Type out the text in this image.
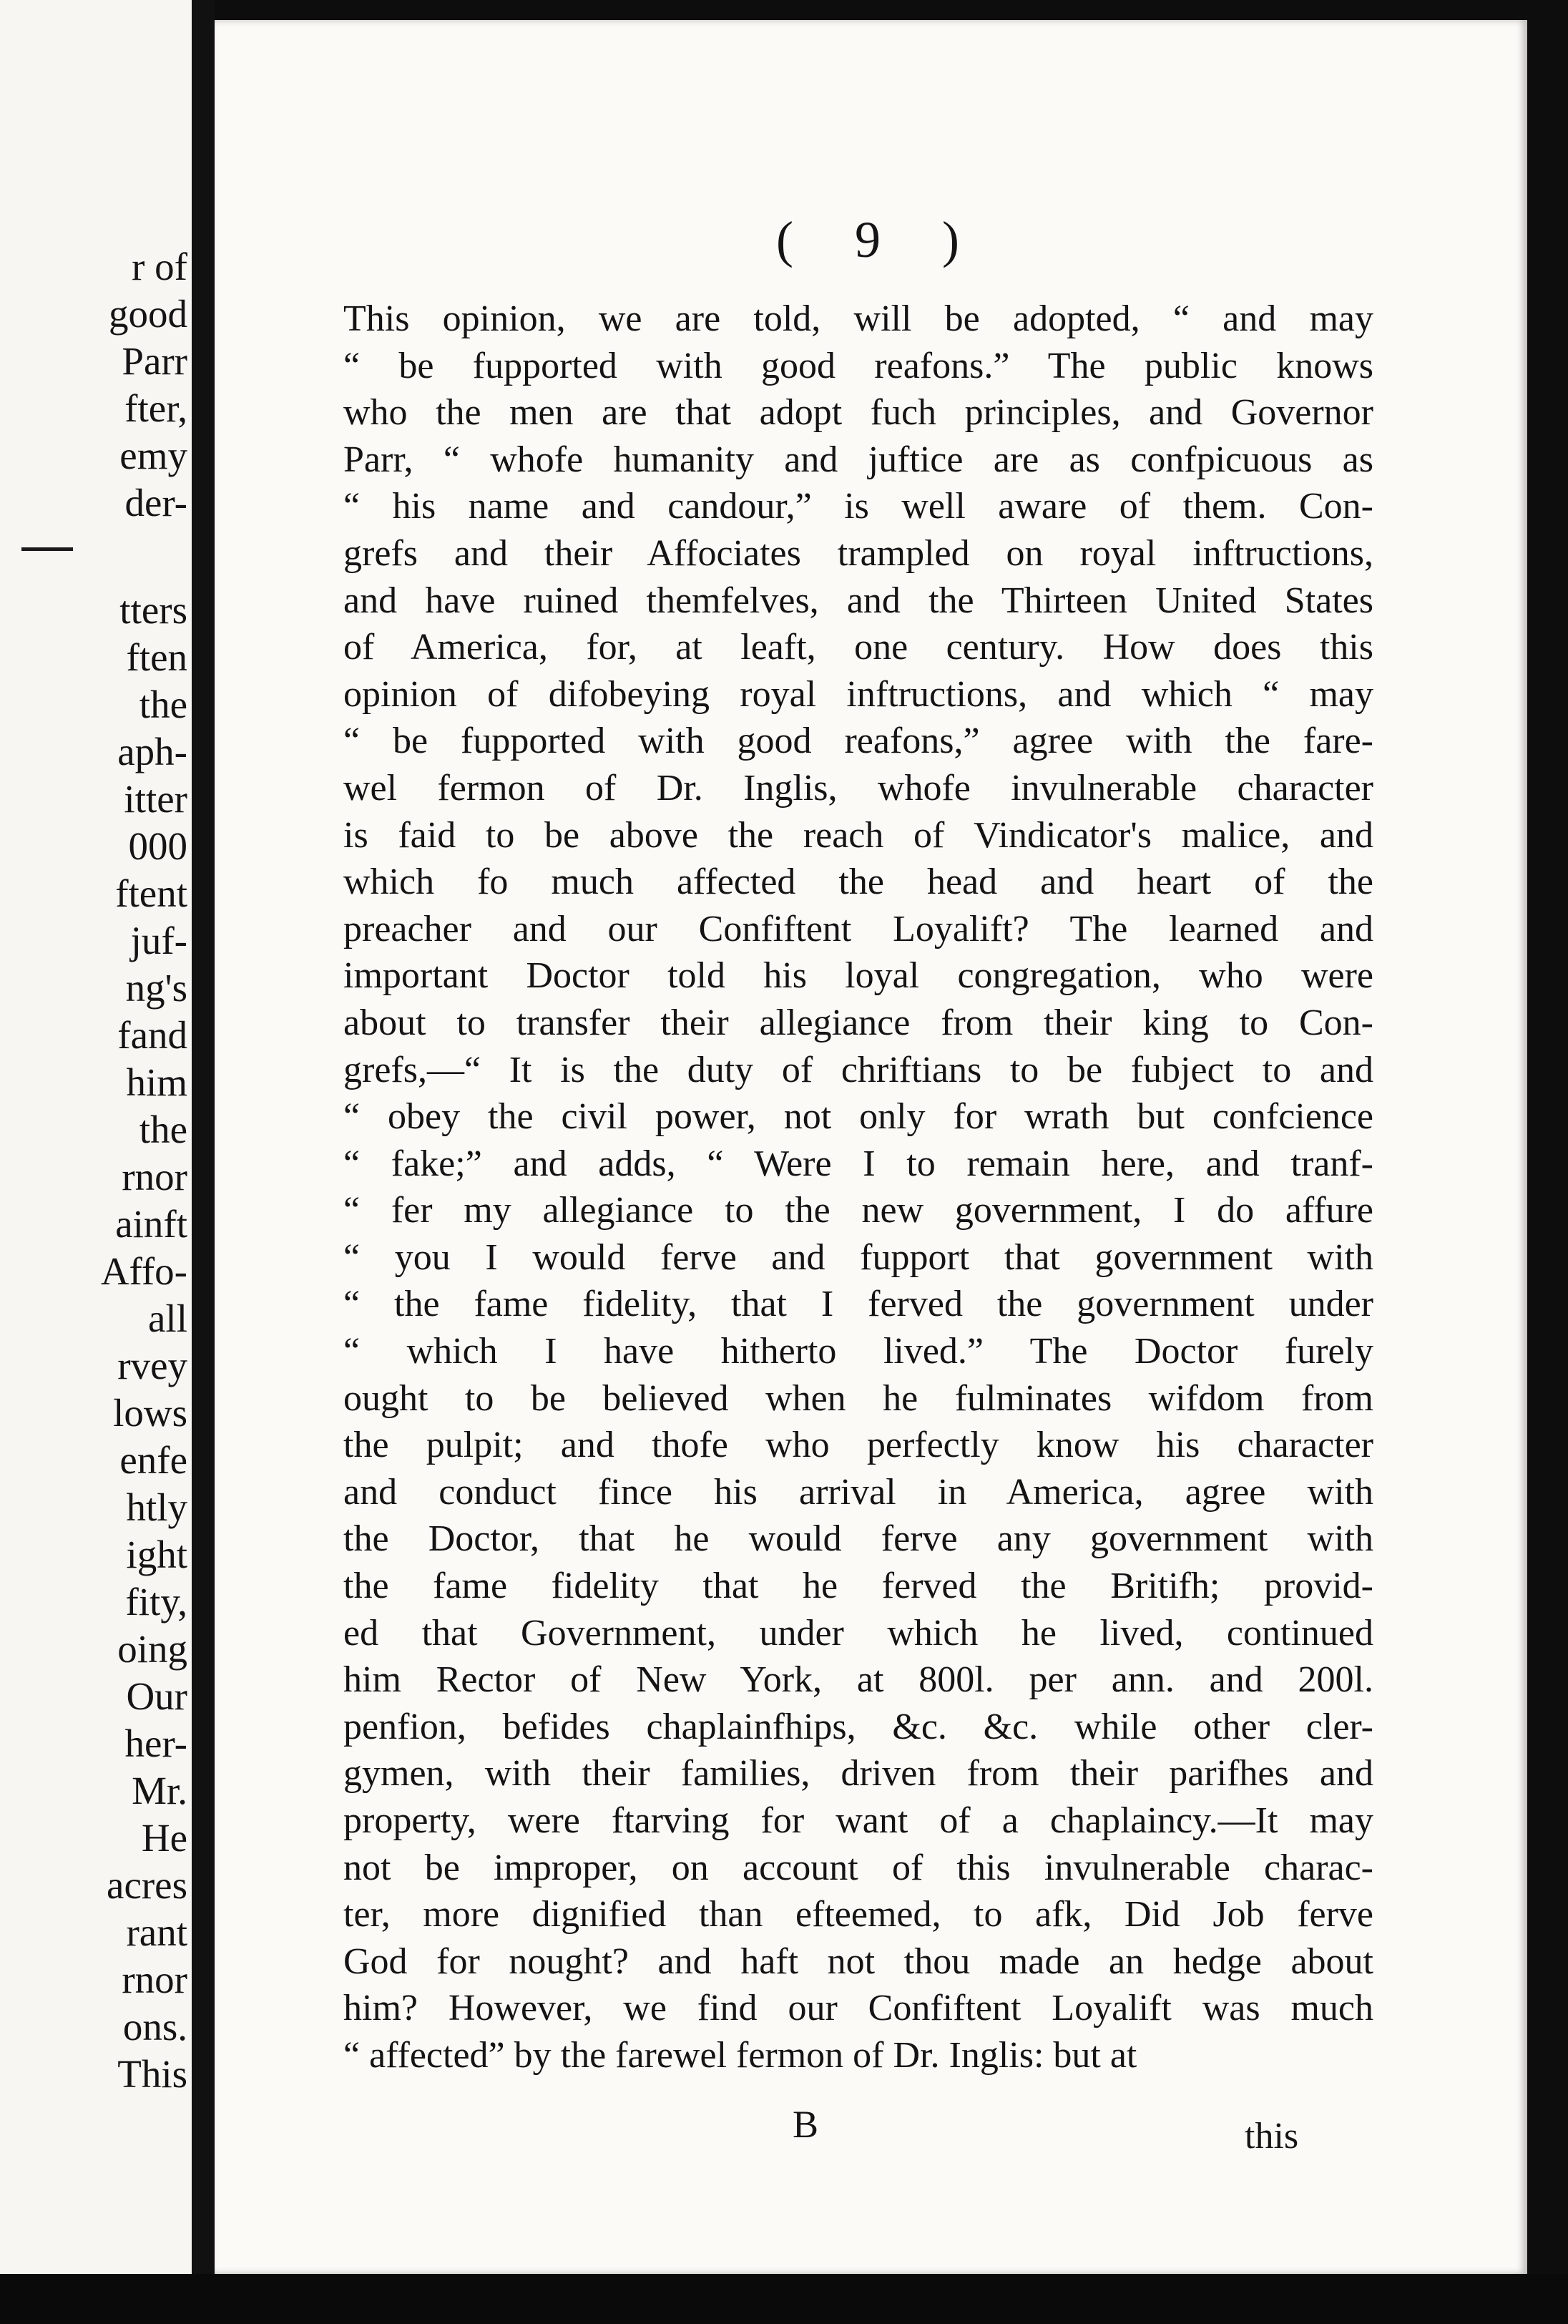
r of
good
Parr
fter,
emy
der-
tters
ften
the
aph-
itter
000
ftent
juf-
ng's
fand
him
the
rnor
ainft
Affo-
all
rvey
lows
enfe
htly
ight
fity,
oing
Our
her-
Mr.
He
acres
rant
rnor
ons.
This
( 9 )
This opinion, we are told, will be adopted, “ and may
“ be fupported with good reafons.” The public knows
who the men are that adopt fuch principles, and Governor
Parr, “ whofe humanity and juftice are as confpicuous as
“ his name and candour,” is well aware of them. Con-
grefs and their Affociates trampled on royal inftructions,
and have ruined themfelves, and the Thirteen United States
of America, for, at leaft, one century. How does this
opinion of difobeying royal inftructions, and which “ may
“ be fupported with good reafons,” agree with the fare-
wel fermon of Dr. Inglis, whofe invulnerable character
is faid to be above the reach of Vindicator's malice, and
which fo much affected the head and heart of the
preacher and our Confiftent Loyalift? The learned and
important Doctor told his loyal congregation, who were
about to transfer their allegiance from their king to Con-
grefs,—“ It is the duty of chriftians to be fubject to and
“ obey the civil power, not only for wrath but confcience
“ fake;” and adds, “ Were I to remain here, and tranf-
“ fer my allegiance to the new government, I do affure
“ you I would ferve and fupport that government with
“ the fame fidelity, that I ferved the government under
“ which I have hitherto lived.” The Doctor furely
ought to be believed when he fulminates wifdom from
the pulpit; and thofe who perfectly know his character
and conduct fince his arrival in America, agree with
the Doctor, that he would ferve any government with
the fame fidelity that he ferved the Britifh; provid-
ed that Government, under which he lived, continued
him Rector of New York, at 800l. per ann. and 200l.
penfion, befides chaplainfhips, &c. &c. while other cler-
gymen, with their families, driven from their parifhes and
property, were ftarving for want of a chaplaincy.—It may
not be improper, on account of this invulnerable charac-
ter, more dignified than efteemed, to afk, Did Job ferve
God for nought? and haft not thou made an hedge about
him? However, we find our Confiftent Loyalift was much
“ affected” by the farewel fermon of Dr. Inglis: but at
B	this
